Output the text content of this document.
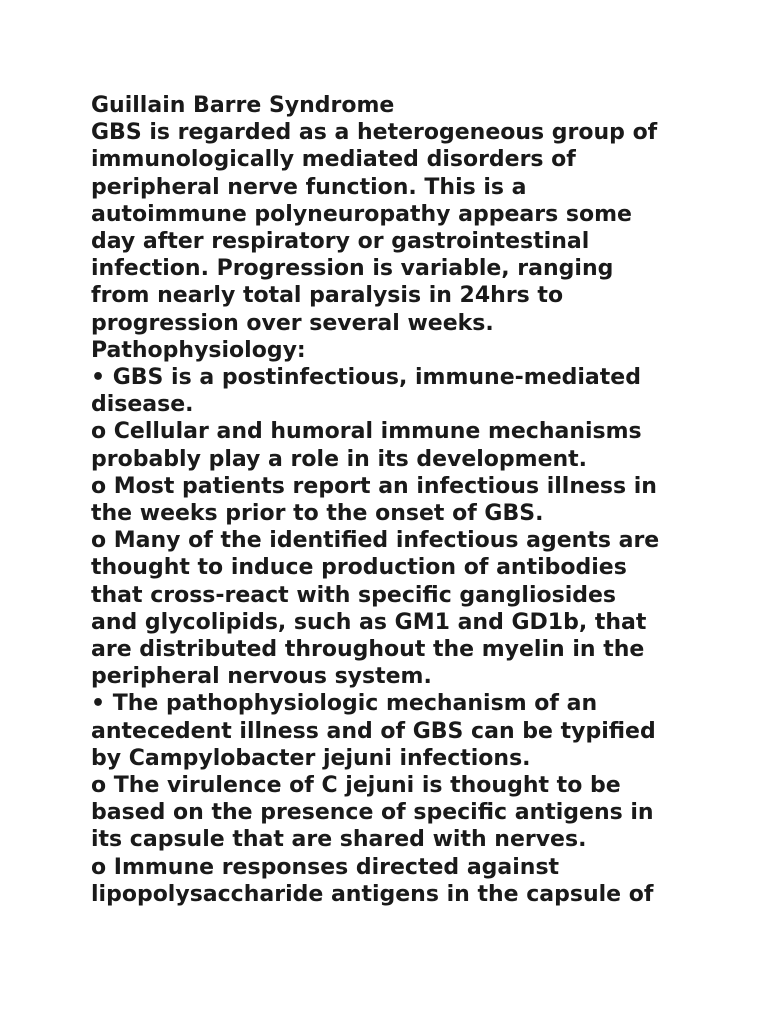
Guillain Barre Syndrome
GBS is regarded as a heterogeneous group of
immunologically mediated disorders of
peripheral nerve function. This is a
autoimmune polyneuropathy appears some
day after respiratory or gastrointestinal
infection. Progression is variable, ranging
from nearly total paralysis in 24hrs to
progression over several weeks.
Pathophysiology:
• GBS is a postinfectious, immune-mediated
disease.
o Cellular and humoral immune mechanisms
probably play a role in its development.
o Most patients report an infectious illness in
the weeks prior to the onset of GBS.
o Many of the identified infectious agents are
thought to induce production of antibodies
that cross-react with specific gangliosides
and glycolipids, such as GM1 and GD1b, that
are distributed throughout the myelin in the
peripheral nervous system.
• The pathophysiologic mechanism of an
antecedent illness and of GBS can be typified
by Campylobacter jejuni infections.
o The virulence of C jejuni is thought to be
based on the presence of specific antigens in
its capsule that are shared with nerves.
o Immune responses directed against
lipopolysaccharide antigens in the capsule of
